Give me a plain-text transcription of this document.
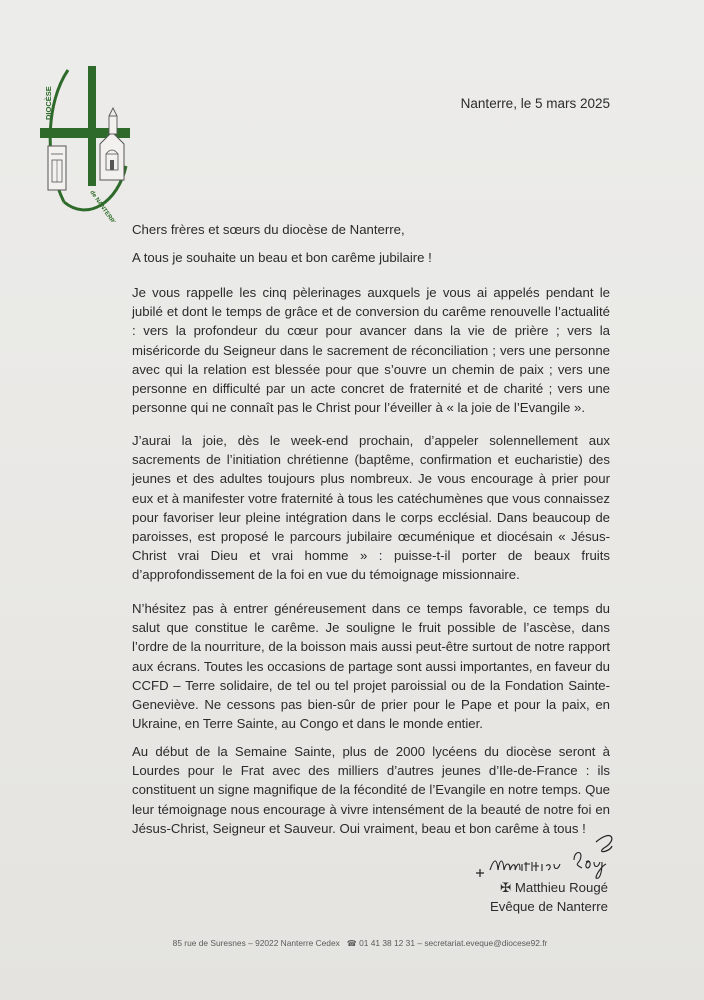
DIOCÈSE
de NANTERRE
Nanterre, le 5 mars 2025
Chers frères et sœurs du diocèse de Nanterre,
A tous je souhaite un beau et bon carême jubilaire !
Je vous rappelle les cinq pèlerinages auxquels je vous ai appelés pendant le jubilé et dont le temps de grâce et de conversion du carême renouvelle l’actualité : vers la profondeur du cœur pour avancer dans la vie de prière ; vers la miséricorde du Seigneur dans le sacrement de réconciliation ; vers une personne avec qui la relation est blessée pour que s’ouvre un chemin de paix ; vers une personne en difficulté par un acte concret de fraternité et de charité ; vers une personne qui ne connaît pas le Christ pour l’éveiller à « la joie de l’Evangile ».
J’aurai la joie, dès le week-end prochain, d’appeler solennellement aux sacrements de l’initiation chrétienne (baptême, confirmation et eucharistie) des jeunes et des adultes toujours plus nombreux. Je vous encourage à prier pour eux et à manifester votre fraternité à tous les catéchumènes que vous connaissez pour favoriser leur pleine intégration dans le corps ecclésial. Dans beaucoup de paroisses, est proposé le parcours jubilaire œcuménique et diocésain « Jésus-Christ vrai Dieu et vrai homme » : puisse-t-il porter de beaux fruits d’approfondissement de la foi en vue du témoignage missionnaire.
N’hésitez pas à entrer généreusement dans ce temps favorable, ce temps du salut que constitue le carême. Je souligne le fruit possible de l’ascèse, dans l’ordre de la nourriture, de la boisson mais aussi peut-être surtout de notre rapport aux écrans. Toutes les occasions de partage sont aussi importantes, en faveur du CCFD – Terre solidaire, de tel ou tel projet paroissial ou de la Fondation Sainte-Geneviève. Ne cessons pas bien-sûr de prier pour le Pape et pour la paix, en Ukraine, en Terre Sainte, au Congo et dans le monde entier.
Au début de la Semaine Sainte, plus de 2000 lycéens du diocèse seront à Lourdes pour le Frat avec des milliers d’autres jeunes d’Ile-de-France : ils constituent un signe magnifique de la fécondité de l’Evangile en notre temps. Que leur témoignage nous encourage à vivre intensément de la beauté de notre foi en Jésus-Christ, Seigneur et Sauveur. Oui vraiment, beau et bon carême à tous !
✠ Matthieu Rougé
Evêque de Nanterre
85 rue de Suresnes – 92022 Nanterre Cedex ☎ 01 41 38 12 31 – secretariat.eveque@diocese92.fr
